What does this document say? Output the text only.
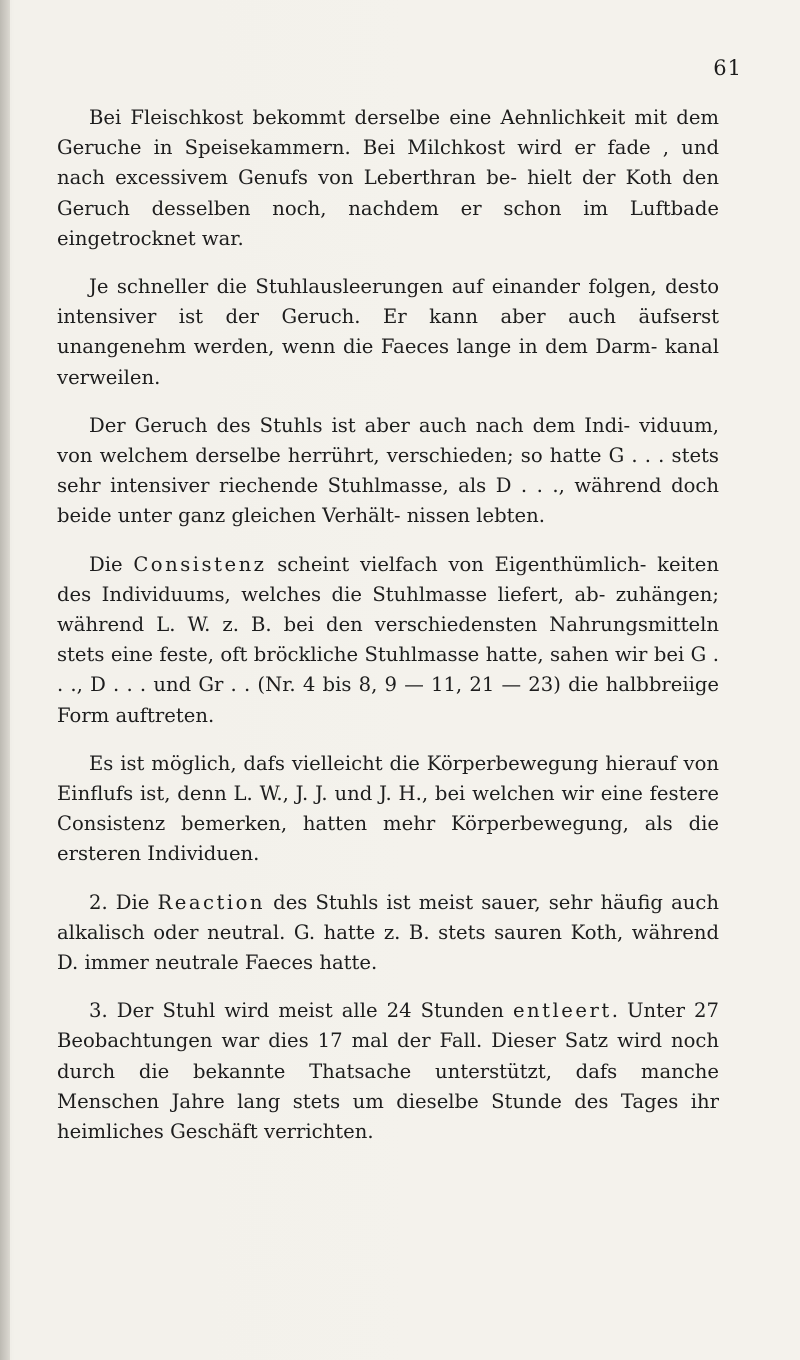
61

Bei Fleischkost bekommt derselbe eine Aehnlichkeit mit dem Geruche in Speisekammern. Bei Milchkost wird er fade , und nach excessivem Genufs von Leberthran be- hielt der Koth den Geruch desselben noch, nachdem er schon im Luftbade eingetrocknet war.

Je schneller die Stuhlausleerungen auf einander folgen, desto intensiver ist der Geruch. Er kann aber auch äufserst unangenehm werden, wenn die Faeces lange in dem Darm- kanal verweilen.

Der Geruch des Stuhls ist aber auch nach dem Indi- viduum, von welchem derselbe herrührt, verschieden; so hatte G . . . stets sehr intensiver riechende Stuhlmasse, als D . . ., während doch beide unter ganz gleichen Verhält- nissen lebten.

Die Consistenz scheint vielfach von Eigenthümlich- keiten des Individuums, welches die Stuhlmasse liefert, ab- zuhängen; während L. W. z. B. bei den verschiedensten Nahrungsmitteln stets eine feste, oft bröckliche Stuhlmasse hatte, sahen wir bei G . . ., D . . . und Gr . . (Nr. 4 bis 8, 9 — 11, 21 — 23) die halbbreiige Form auftreten.

Es ist möglich, dafs vielleicht die Körperbewegung hierauf von Einflufs ist, denn L. W., J. J. und J. H., bei welchen wir eine festere Consistenz bemerken, hatten mehr Körperbewegung, als die ersteren Individuen.

2. Die Reaction des Stuhls ist meist sauer, sehr häufig auch alkalisch oder neutral. G. hatte z. B. stets sauren Koth, während D. immer neutrale Faeces hatte.

3. Der Stuhl wird meist alle 24 Stunden entleert. Unter 27 Beobachtungen war dies 17 mal der Fall. Dieser Satz wird noch durch die bekannte Thatsache unterstützt, dafs manche Menschen Jahre lang stets um dieselbe Stunde des Tages ihr heimliches Geschäft verrichten.
